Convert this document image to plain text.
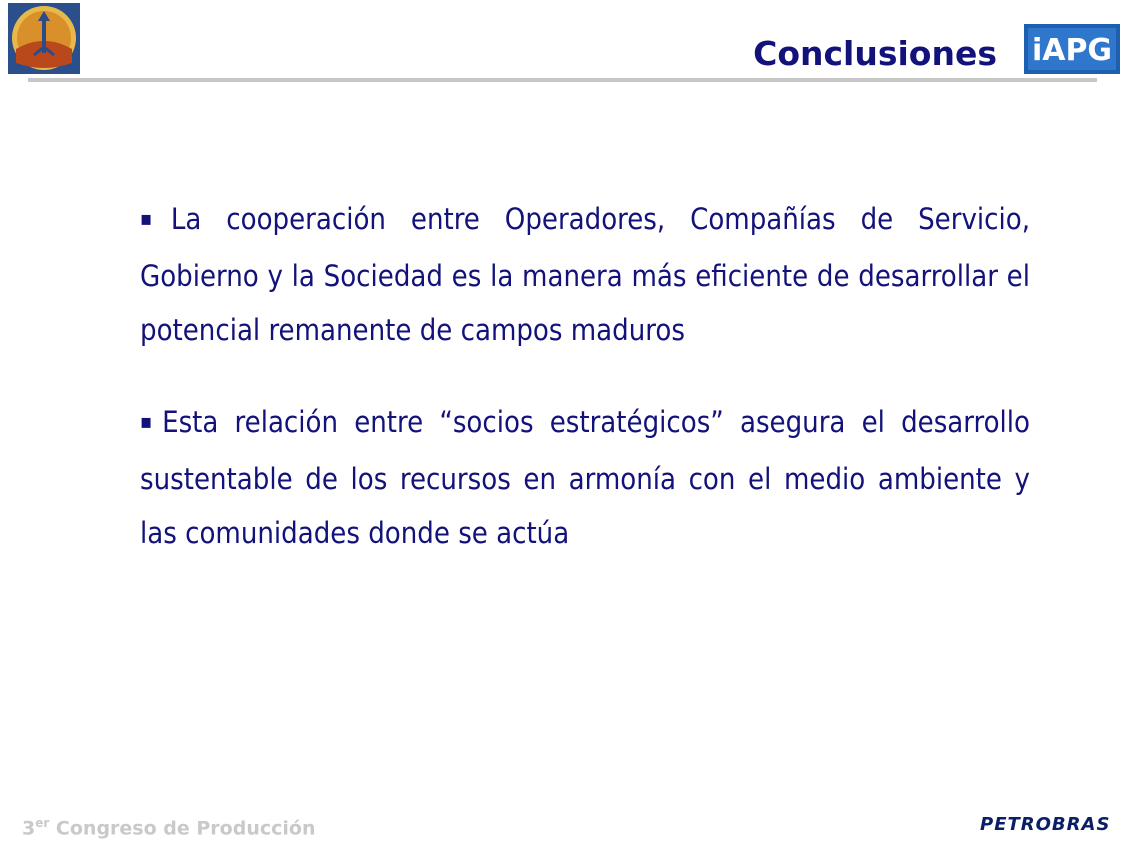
Conclusiones iAPG

▪La cooperación entre Operadores, Compañías de Servicio, Gobierno y la Sociedad es la manera más eficiente de desarrollar el potencial remanente de campos maduros

▪Esta relación entre “socios estratégicos” asegura el desarrollo sustentable de los recursos en armonía con el medio ambiente y las comunidades donde se actúa

3er Congreso de Producción	PETROBRAS
